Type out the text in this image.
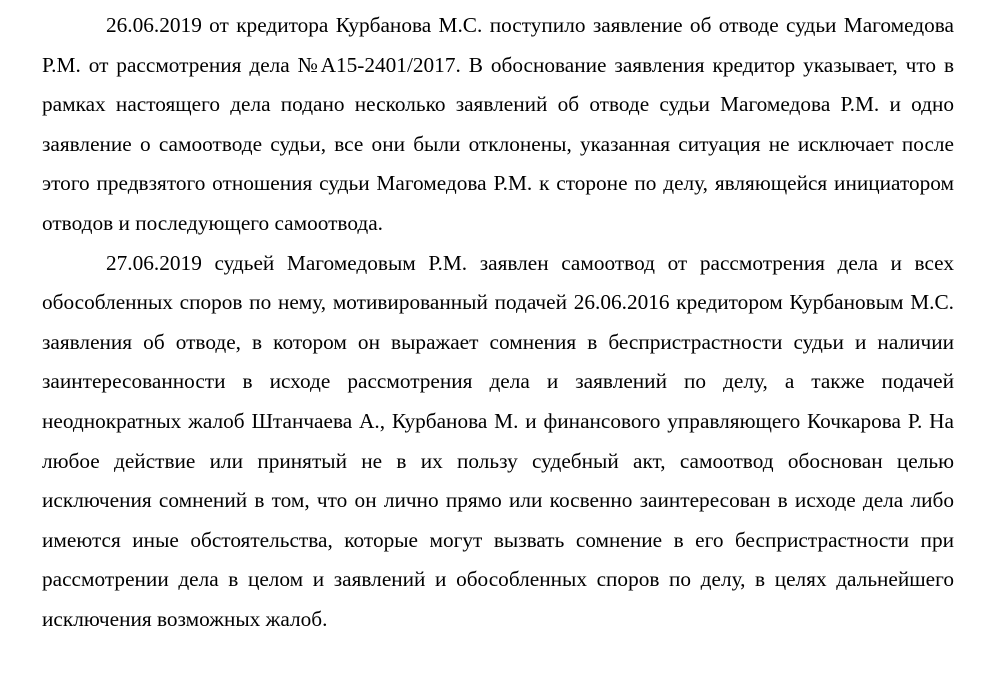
26.06.2019 от кредитора Курбанова М.С. поступило заявление об отводе судьи Магомедова Р.М. от рассмотрения дела №А15-2401/2017. В обоснование заявления кредитор указывает, что в рамках настоящего дела подано несколько заявлений об отводе судьи Магомедова Р.М. и одно заявление о самоотводе судьи, все они были отклонены, указанная ситуация не исключает после этого предвзятого отношения судьи Магомедова Р.М. к стороне по делу, являющейся инициатором отводов и последующего самоотвода.

27.06.2019 судьей Магомедовым Р.М. заявлен самоотвод от рассмотрения дела и всех обособленных споров по нему, мотивированный подачей 26.06.2016 кредитором Курбановым М.С. заявления об отводе, в котором он выражает сомнения в беспристрастности судьи и наличии заинтересованности в исходе рассмотрения дела и заявлений по делу, а также подачей неоднократных жалоб Штанчаева А., Курбанова М. и финансового управляющего Кочкарова Р. На любое действие или принятый не в их пользу судебный акт, самоотвод обоснован целью исключения сомнений в том, что он лично прямо или косвенно заинтересован в исходе дела либо имеются иные обстоятельства, которые могут вызвать сомнение в его беспристрастности при рассмотрении дела в целом и заявлений и обособленных споров по делу, в целях дальнейшего исключения возможных жалоб.
